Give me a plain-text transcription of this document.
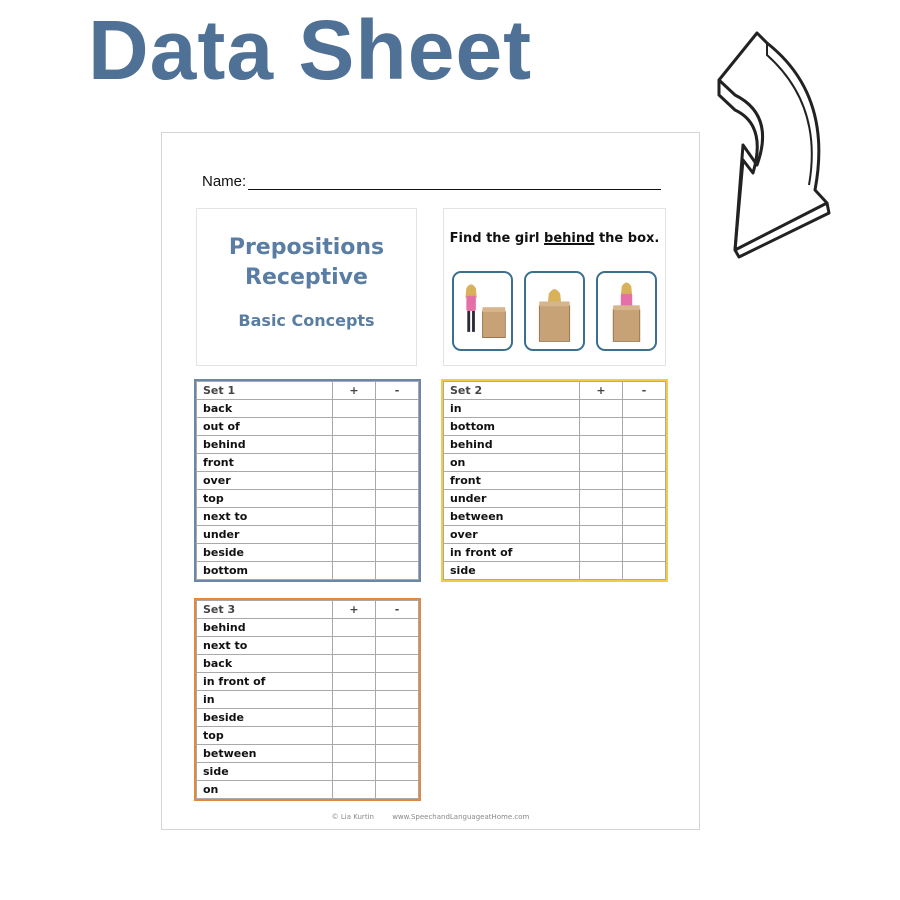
Data Sheet
Name:
Prepositions
Receptive
Basic Concepts
Find the girl behind the box.
Set 1	+	-
back		
out of		
behind		
front		
over		
top		
next to		
under		
beside		
bottom		
Set 2	+	-
in		
bottom		
behind		
on		
front		
under		
between		
over		
in front of		
side		
Set 3	+	-
behind		
next to		
back		
in front of		
in		
beside		
top		
between		
side		
on		
© Lia Kurtin	www.SpeechandLanguageatHome.com
